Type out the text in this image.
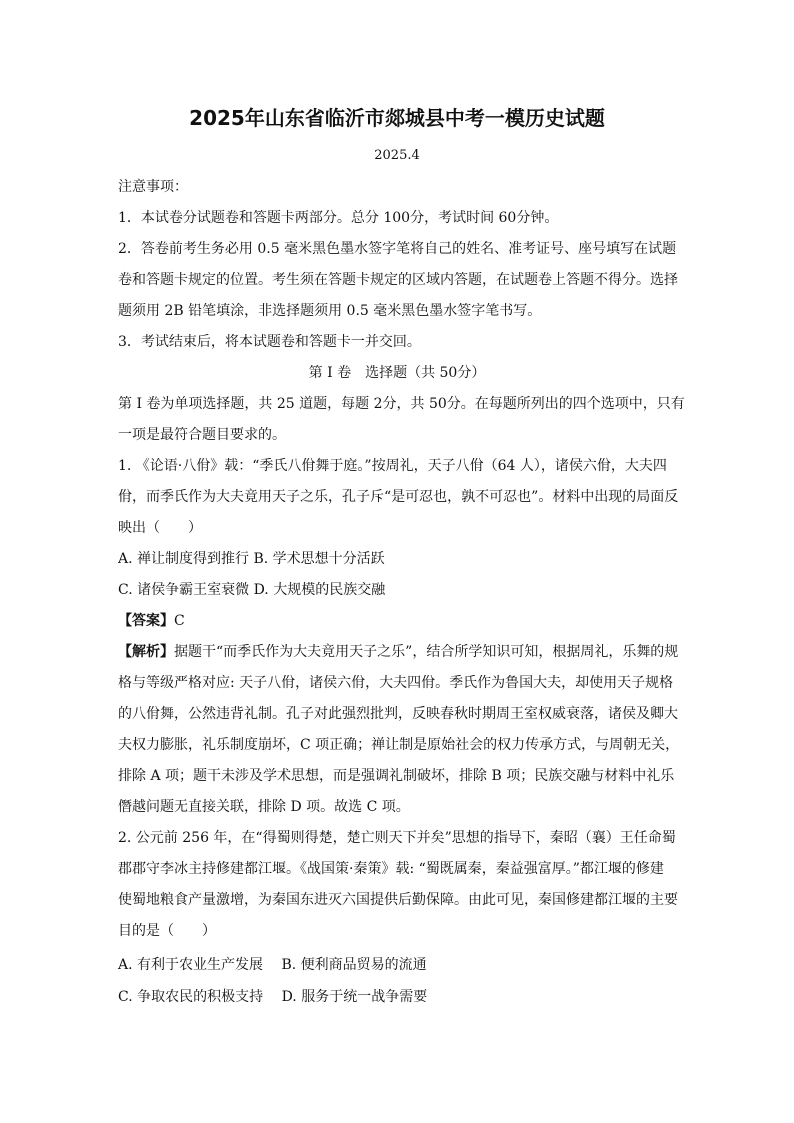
2025年山东省临沂市郯城县中考一模历史试题
2025.4
注意事项：
1．本试卷分试题卷和答题卡两部分。总分 100分，考试时间 60分钟。
2．答卷前考生务必用 0.5 毫米黑色墨水签字笔将自己的姓名、准考证号、座号填写在试题
卷和答题卡规定的位置。考生须在答题卡规定的区域内答题，在试题卷上答题不得分。选择
题须用 2B 铅笔填涂，非选择题须用 0.5 毫米黑色墨水签字笔书写。
3．考试结束后，将本试题卷和答题卡一并交回。
第 I 卷　选择题（共 50分）
第 I 卷为单项选择题，共 25 道题，每题 2分，共 50分。在每题所列出的四个选项中，只有
一项是最符合题目要求的。
1. 《论语·八佾》载：“季氏八佾舞于庭。”按周礼，天子八佾（64 人），诸侯六佾，大夫四
佾，而季氏作为大夫竟用天子之乐，孔子斥“是可忍也，孰不可忍也”。材料中出现的局面反
映出（　　）
A. 禅让制度得到推行 B. 学术思想十分活跃
C. 诸侯争霸王室衰微 D. 大规模的民族交融
【答案】C
【解析】据题干“而季氏作为大夫竟用天子之乐”，结合所学知识可知，根据周礼，乐舞的规
格与等级严格对应: 天子八佾，诸侯六佾，大夫四佾。季氏作为鲁国大夫，却使用天子规格
的八佾舞，公然违背礼制。孔子对此强烈批判，反映春秋时期周王室权威衰落，诸侯及卿大
夫权力膨胀，礼乐制度崩坏，C 项正确；禅让制是原始社会的权力传承方式，与周朝无关，
排除 A 项；题干未涉及学术思想，而是强调礼制破坏，排除 B 项；民族交融与材料中礼乐
僭越问题无直接关联，排除 D 项。故选 C 项。
2. 公元前 256 年，在“得蜀则得楚，楚亡则天下并矣”思想的指导下，秦昭（襄）王任命蜀
郡郡守李冰主持修建都江堰。《战国策·秦策》载: “蜀既属秦，秦益强富厚。”都江堰的修建
使蜀地粮食产量激增，为秦国东进灭六国提供后勤保障。由此可见，秦国修建都江堰的主要
目的是（　　）
A. 有利于农业生产发展　 B. 便利商品贸易的流通
C. 争取农民的积极支持　 D. 服务于统一战争需要
